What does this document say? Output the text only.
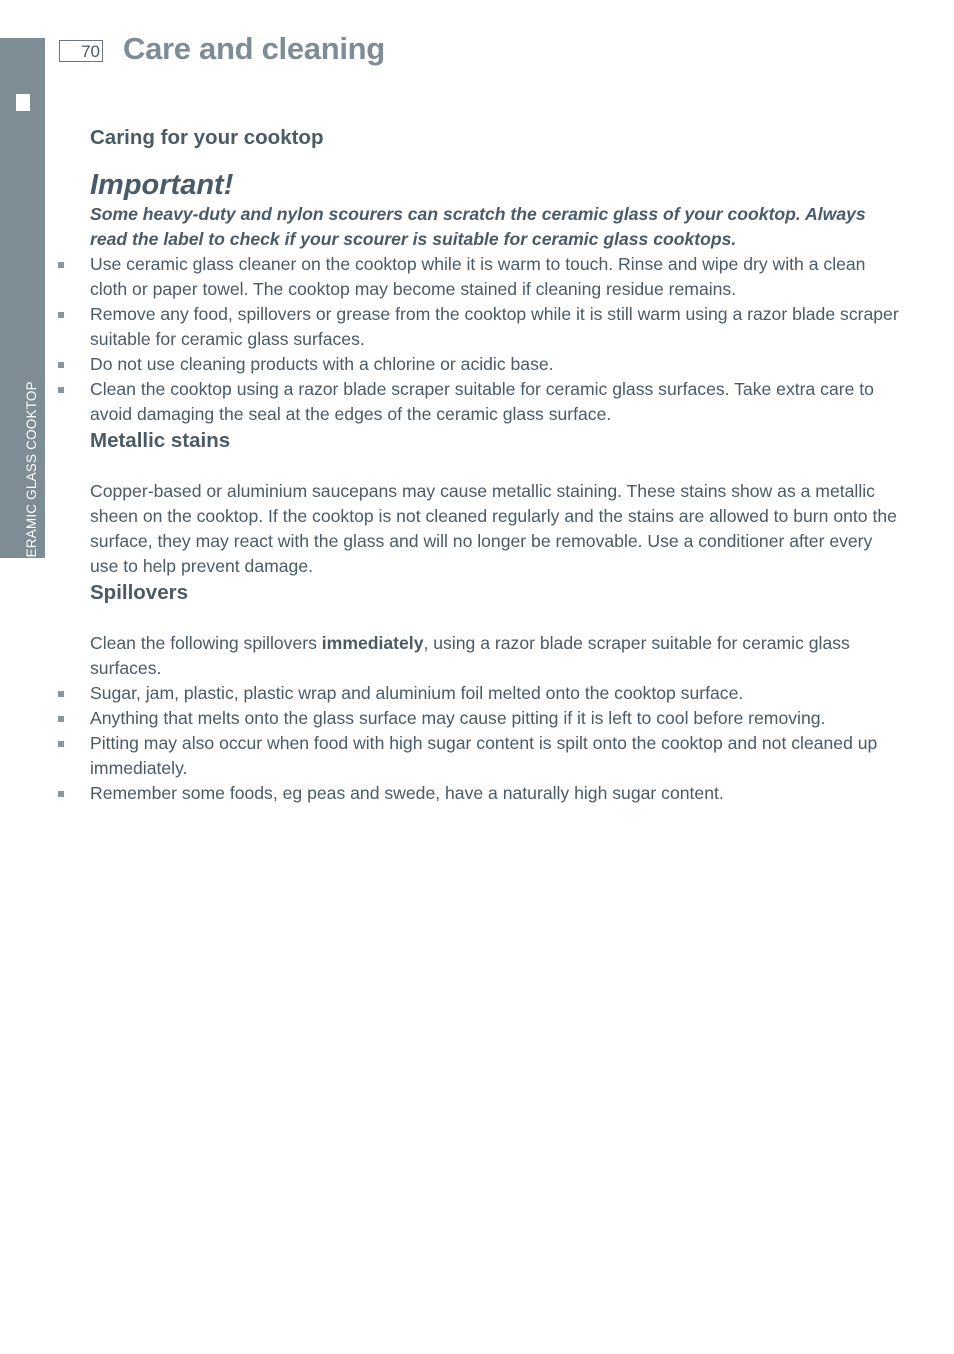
MODELS WITH CERAMIC GLASS COOKTOP
70 Care and cleaning
Caring for your cooktop
Important!

Some heavy-duty and nylon scourers can scratch the ceramic glass of your cooktop. Always read the label to check if your scourer is suitable for ceramic glass cooktops.

Use ceramic glass cleaner on the cooktop while it is warm to touch. Rinse and wipe dry with a clean cloth or paper towel. The cooktop may become stained if cleaning residue remains.
Remove any food, spillovers or grease from the cooktop while it is still warm using a razor blade scraper suitable for ceramic glass surfaces.
Do not use cleaning products with a chlorine or acidic base.
Clean the cooktop using a razor blade scraper suitable for ceramic glass surfaces. Take extra care to avoid damaging the seal at the edges of the ceramic glass surface.
Metallic stains

Copper-based or aluminium saucepans may cause metallic staining. These stains show as a metallic sheen on the cooktop. If the cooktop is not cleaned regularly and the stains are allowed to burn onto the surface, they may react with the glass and will no longer be removable. Use a conditioner after every use to help prevent damage.

Spillovers

Clean the following spillovers immediately, using a razor blade scraper suitable for ceramic glass surfaces.

Sugar, jam, plastic, plastic wrap and aluminium foil melted onto the cooktop surface.
Anything that melts onto the glass surface may cause pitting if it is left to cool before removing.
Pitting may also occur when food with high sugar content is spilt onto the cooktop and not cleaned up immediately.
Remember some foods, eg peas and swede, have a naturally high sugar content.
